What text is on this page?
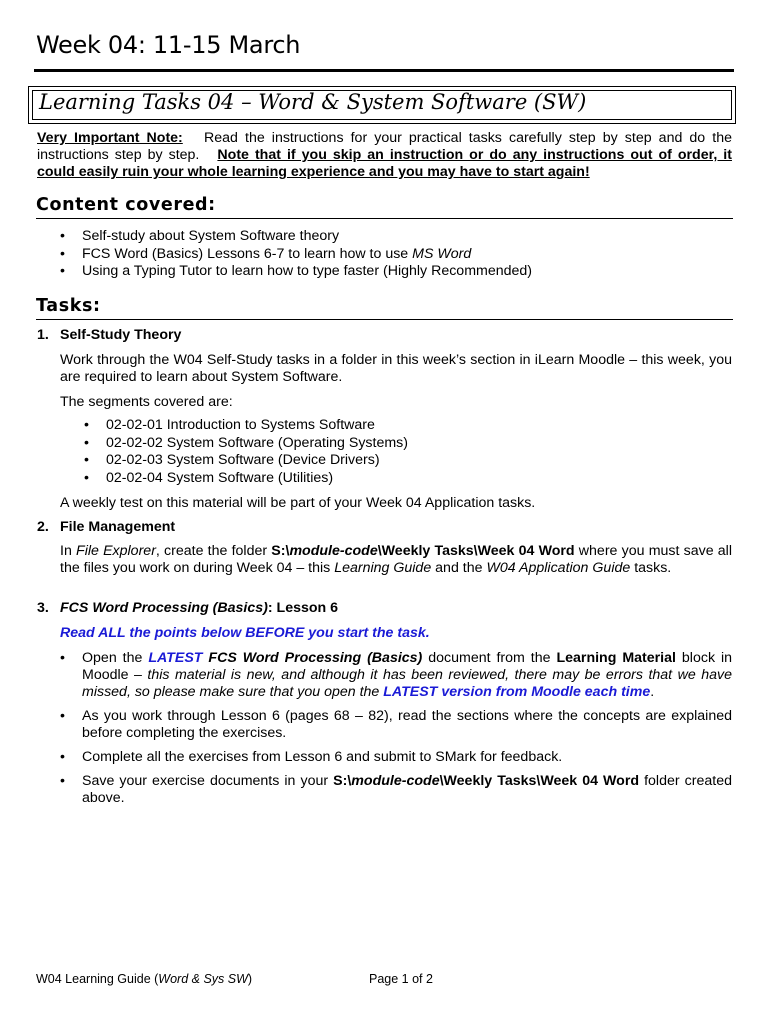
Week 04: 11-15 March
Learning Tasks 04 – Word & System Software (SW)
Very Important Note: Read the instructions for your practical tasks carefully step by step and do the instructions step by step. Note that if you skip an instruction or do any instructions out of order, it could easily ruin your whole learning experience and you may have to start again!
Content covered:
• Self-study about System Software theory
• FCS Word (Basics) Lessons 6-7 to learn how to use MS Word
• Using a Typing Tutor to learn how to type faster (Highly Recommended)
Tasks:
1. Self-Study Theory
Work through the W04 Self-Study tasks in a folder in this week’s section in iLearn Moodle – this week, you are required to learn about System Software.
The segments covered are:
• 02-02-01 Introduction to Systems Software
• 02-02-02 System Software (Operating Systems)
• 02-02-03 System Software (Device Drivers)
• 02-02-04 System Software (Utilities)
A weekly test on this material will be part of your Week 04 Application tasks.
2. File Management
In File Explorer, create the folder S:\module-code\Weekly Tasks\Week 04 Word where you must save all the files you work on during Week 04 – this Learning Guide and the W04 Application Guide tasks.
3. FCS Word Processing (Basics): Lesson 6
Read ALL the points below BEFORE you start the task.
• Open the LATEST FCS Word Processing (Basics) document from the Learning Material block in Moodle – this material is new, and although it has been reviewed, there may be errors that we have missed, so please make sure that you open the LATEST version from Moodle each time.
• As you work through Lesson 6 (pages 68 – 82), read the sections where the concepts are explained before completing the exercises.
• Complete all the exercises from Lesson 6 and submit to SMark for feedback.
• Save your exercise documents in your S:\module-code\Weekly Tasks\Week 04 Word folder created above.
W04 Learning Guide (Word & Sys SW)	Page 1 of 2
